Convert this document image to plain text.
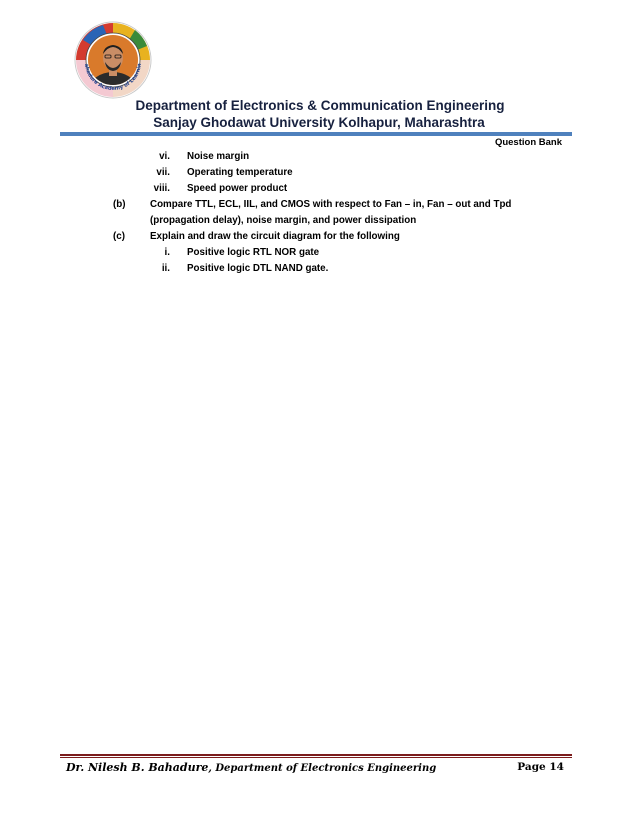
ahadure Academy of Learnin
Department of Electronics & Communication Engineering
Sanjay Ghodawat University Kolhapur, Maharashtra
Question Bank
vi. Noise margin
vii. Operating temperature
viii. Speed power product
(b) Compare TTL, ECL, IIL, and CMOS with respect to Fan – in, Fan – out and Tpd
(propagation delay), noise margin, and power dissipation
(c)	Explain and draw the circuit diagram for the following
i. Positive logic RTL NOR gate
ii. Positive logic DTL NAND gate.
Dr. Nilesh B. Bahadure, Department of Electronics Engineering	Page 14
